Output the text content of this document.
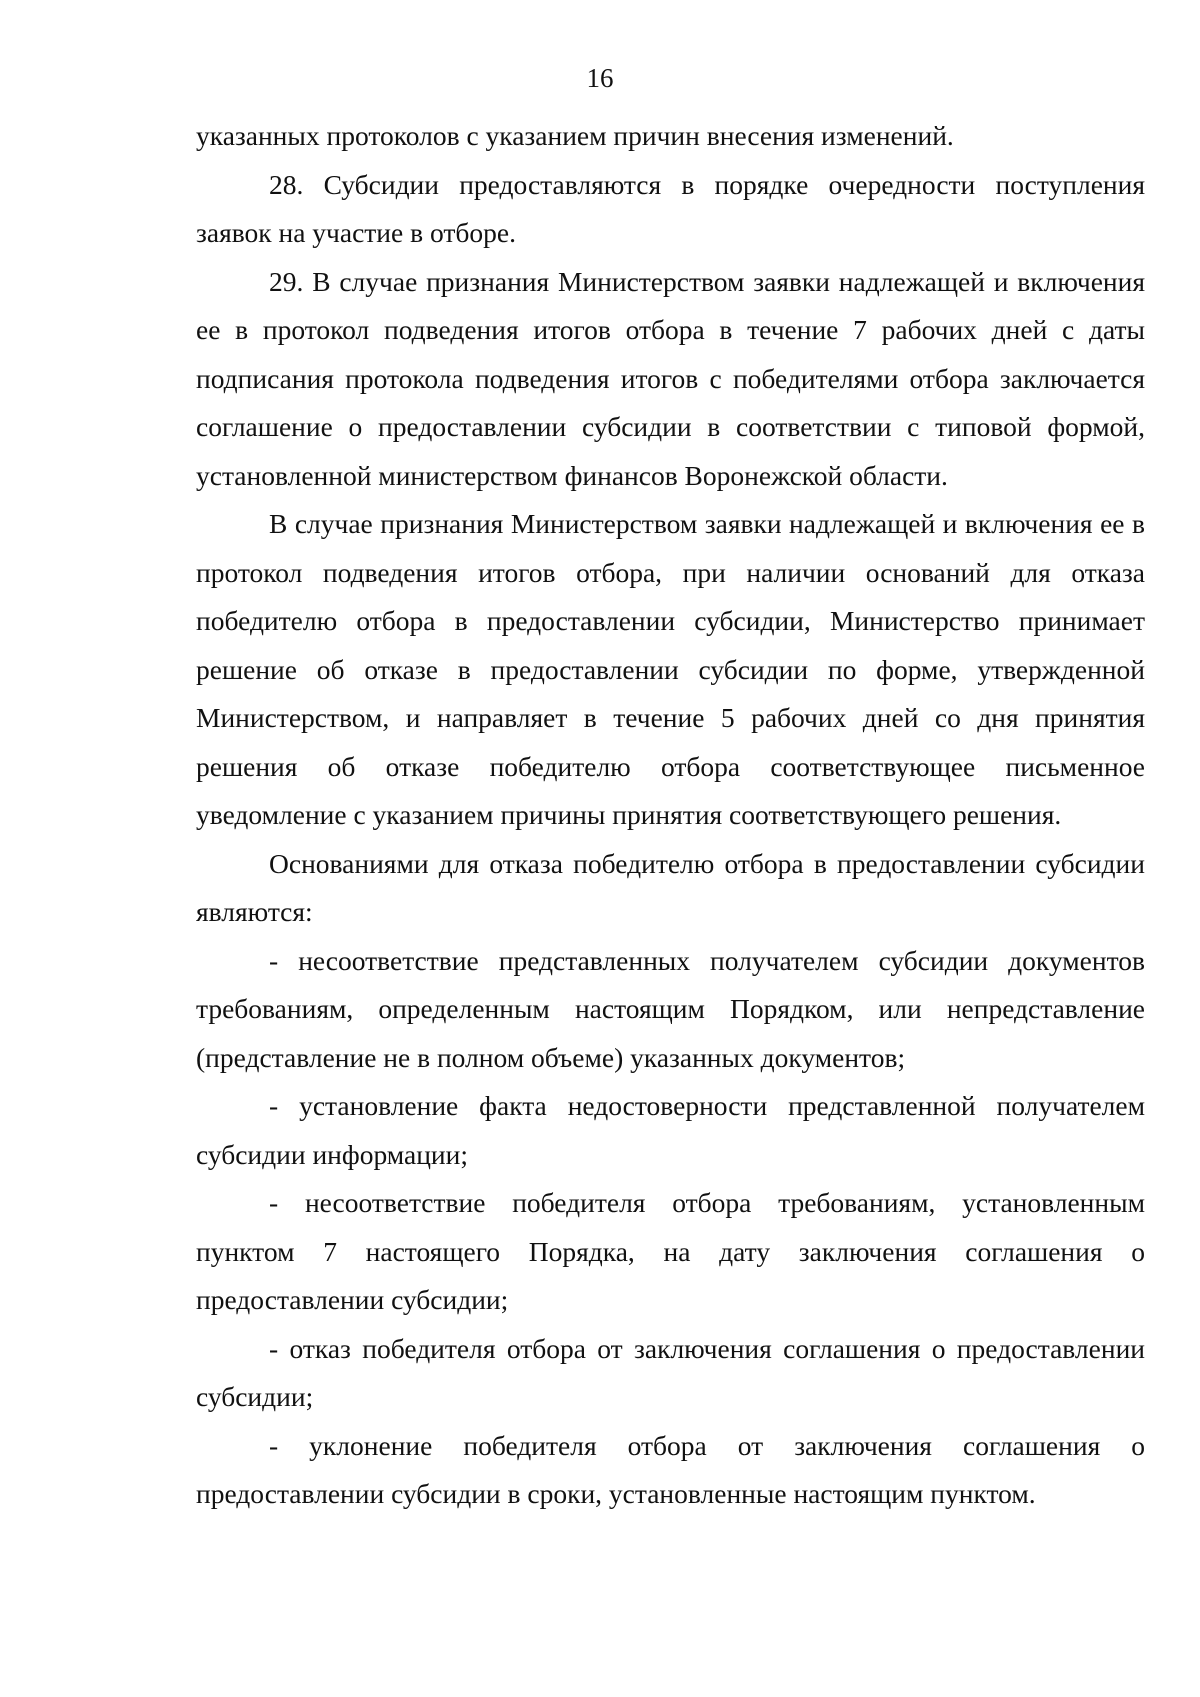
16

указанных протоколов с указанием причин внесения изменений.

28. Субсидии предоставляются в порядке очередности поступления заявок на участие в отборе.

29. В случае признания Министерством заявки надлежащей и включения ее в протокол подведения итогов отбора в течение 7 рабочих дней с даты подписания протокола подведения итогов с победителями отбора заключается соглашение о предоставлении субсидии в соответствии с типовой формой, установленной министерством финансов Воронежской области.

В случае признания Министерством заявки надлежащей и включения ее в протокол подведения итогов отбора, при наличии оснований для отказа победителю отбора в предоставлении субсидии, Министерство принимает решение об отказе в предоставлении субсидии по форме, утвержденной Министерством, и направляет в течение 5 рабочих дней со дня принятия решения об отказе победителю отбора соответствующее письменное уведомление с указанием причины принятия соответствующего решения.

Основаниями для отказа победителю отбора в предоставлении субсидии являются:

- несоответствие представленных получателем субсидии документов требованиям, определенным настоящим Порядком, или непредставление (представление не в полном объеме) указанных документов;

- установление факта недостоверности представленной получателем субсидии информации;

- несоответствие победителя отбора требованиям, установленным пунктом 7 настоящего Порядка, на дату заключения соглашения о предоставлении субсидии;

- отказ победителя отбора от заключения соглашения о предоставлении субсидии;

- уклонение победителя отбора от заключения соглашения о предоставлении субсидии в сроки, установленные настоящим пунктом.
